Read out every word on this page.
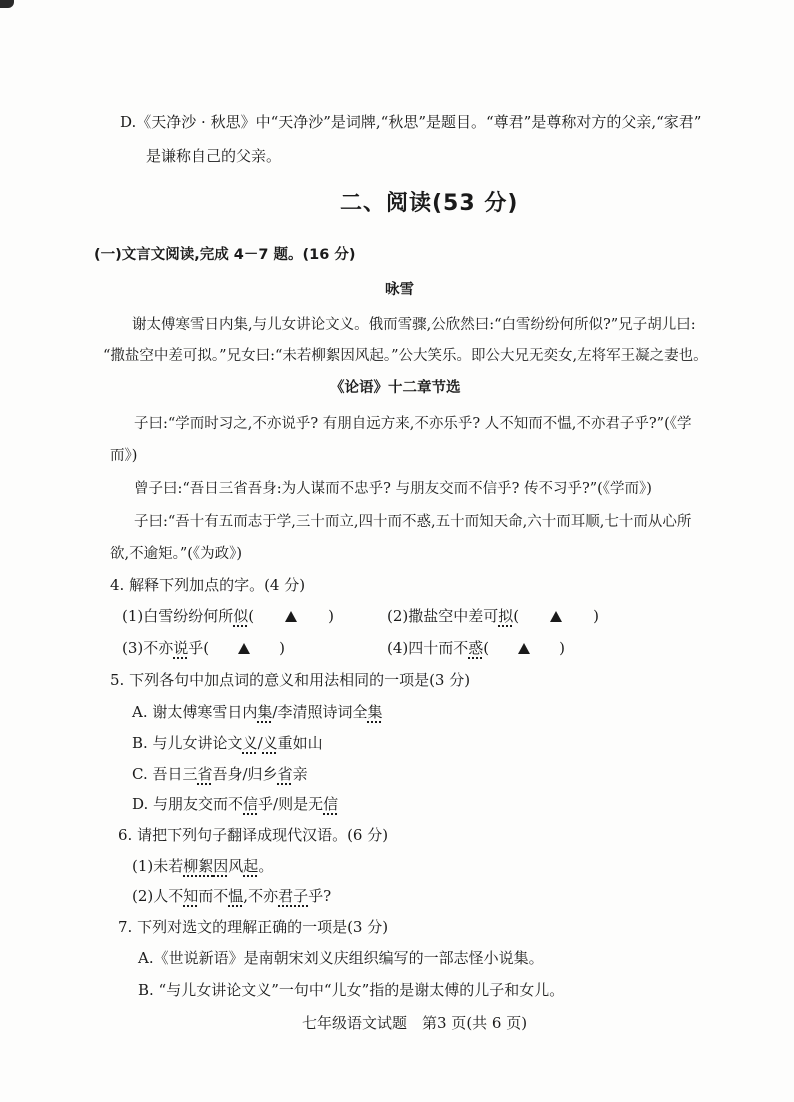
D.《天净沙 · 秋思》中“天净沙”是词牌,“秋思”是题目。“尊君”是尊称对方的父亲,“家君”
是谦称自己的父亲。
二、阅读(53 分)
(一)文言文阅读,完成 4－7 题。(16 分)
咏雪
谢太傅寒雪日内集,与儿女讲论文义。俄而雪骤,公欣然曰:“白雪纷纷何所似?”兄子胡儿曰:
“撒盐空中差可拟。”兄女曰:“未若柳絮因风起。”公大笑乐。即公大兄无奕女,左将军王凝之妻也。
《论语》十二章节选
子曰:“学而时习之,不亦说乎? 有朋自远方来,不亦乐乎? 人不知而不愠,不亦君子乎?”(《学
而》)
曾子曰:“吾日三省吾身:为人谋而不忠乎? 与朋友交而不信乎? 传不习乎?”(《学而》)
子曰:“吾十有五而志于学,三十而立,四十而不惑,五十而知天命,六十而耳顺,七十而从心所
欲,不逾矩。”(《为政》)
4. 解释下列加点的字。(4 分)
(1)白雪纷纷何所似(	)	(2)撒盐空中差可拟(	)
(3)不亦说乎(	)	(4)四十而不惑(	)
5. 下列各句中加点词的意义和用法相同的一项是(3 分)
A. 谢太傅寒雪日内集/李清照诗词全集
B. 与儿女讲论文义/义重如山
C. 吾日三省吾身/归乡省亲
D. 与朋友交而不信乎/则是无信
6. 请把下列句子翻译成现代汉语。(6 分)
(1)未若柳絮因风起。
(2)人不知而不愠,不亦君子乎?
7. 下列对选文的理解正确的一项是(3 分)
A.《世说新语》是南朝宋刘义庆组织编写的一部志怪小说集。
B. “与儿女讲论文义”一句中“儿女”指的是谢太傅的儿子和女儿。
七年级语文试题　第3 页(共 6 页)
